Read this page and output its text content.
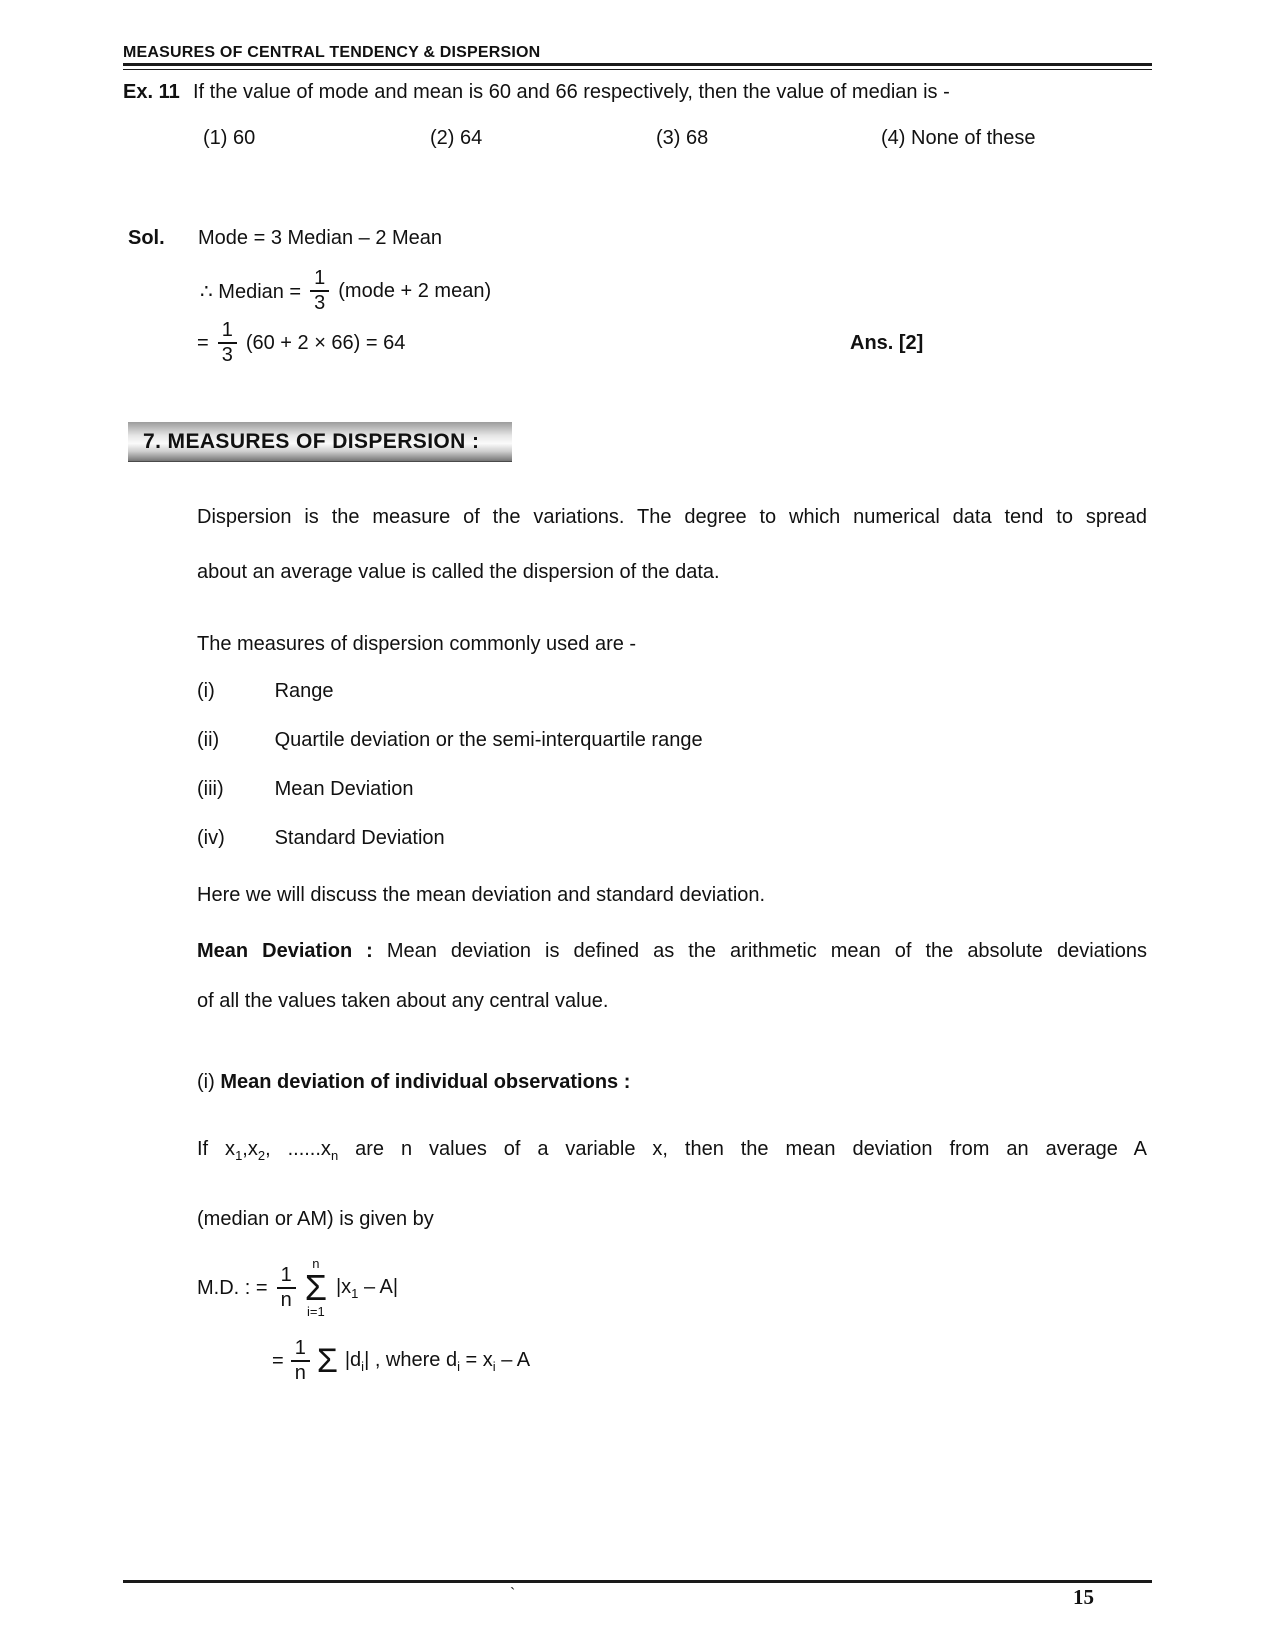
MEASURES OF CENTRAL TENDENCY & DISPERSION
Ex. 11 If the value of mode and mean is 60 and 66 respectively, then the value of median is -
(1) 60	(2) 64	(3) 68	(4) None of these
Sol. Mode = 3 Median – 2 Mean
∴ Median = $\frac{1}{3}$ (mode + 2 mean)
= $\frac{1}{3} (60 + 2 \times 66) = 64$	Ans. [2]
7. MEASURES OF DISPERSION :
Dispersion is the measure of the variations. The degree to which numerical data tend to spread
about an average value is called the dispersion of the data.
The measures of dispersion commonly used are -
(i)	Range
(ii)	Quartile deviation or the semi-interquartile range
(iii)	Mean Deviation
(iv) Standard Deviation
Here we will discuss the mean deviation and standard deviation.
Mean Deviation : Mean deviation is defined as the arithmetic mean of the absolute deviations
of all the values taken about any central value.
(i) Mean deviation of individual observations :
If $x_1,x_2$, $......x_n$ are n values of a variable x, then the mean deviation from an average A
(median or AM) is given by
M.D. : = $\frac{1}{n}$
n
Σ
i=1
$|x_1 - A|$
= $\frac{1}{n}$ Σ $|d_i|$ , where $d_i = x_i - A$
`	15
